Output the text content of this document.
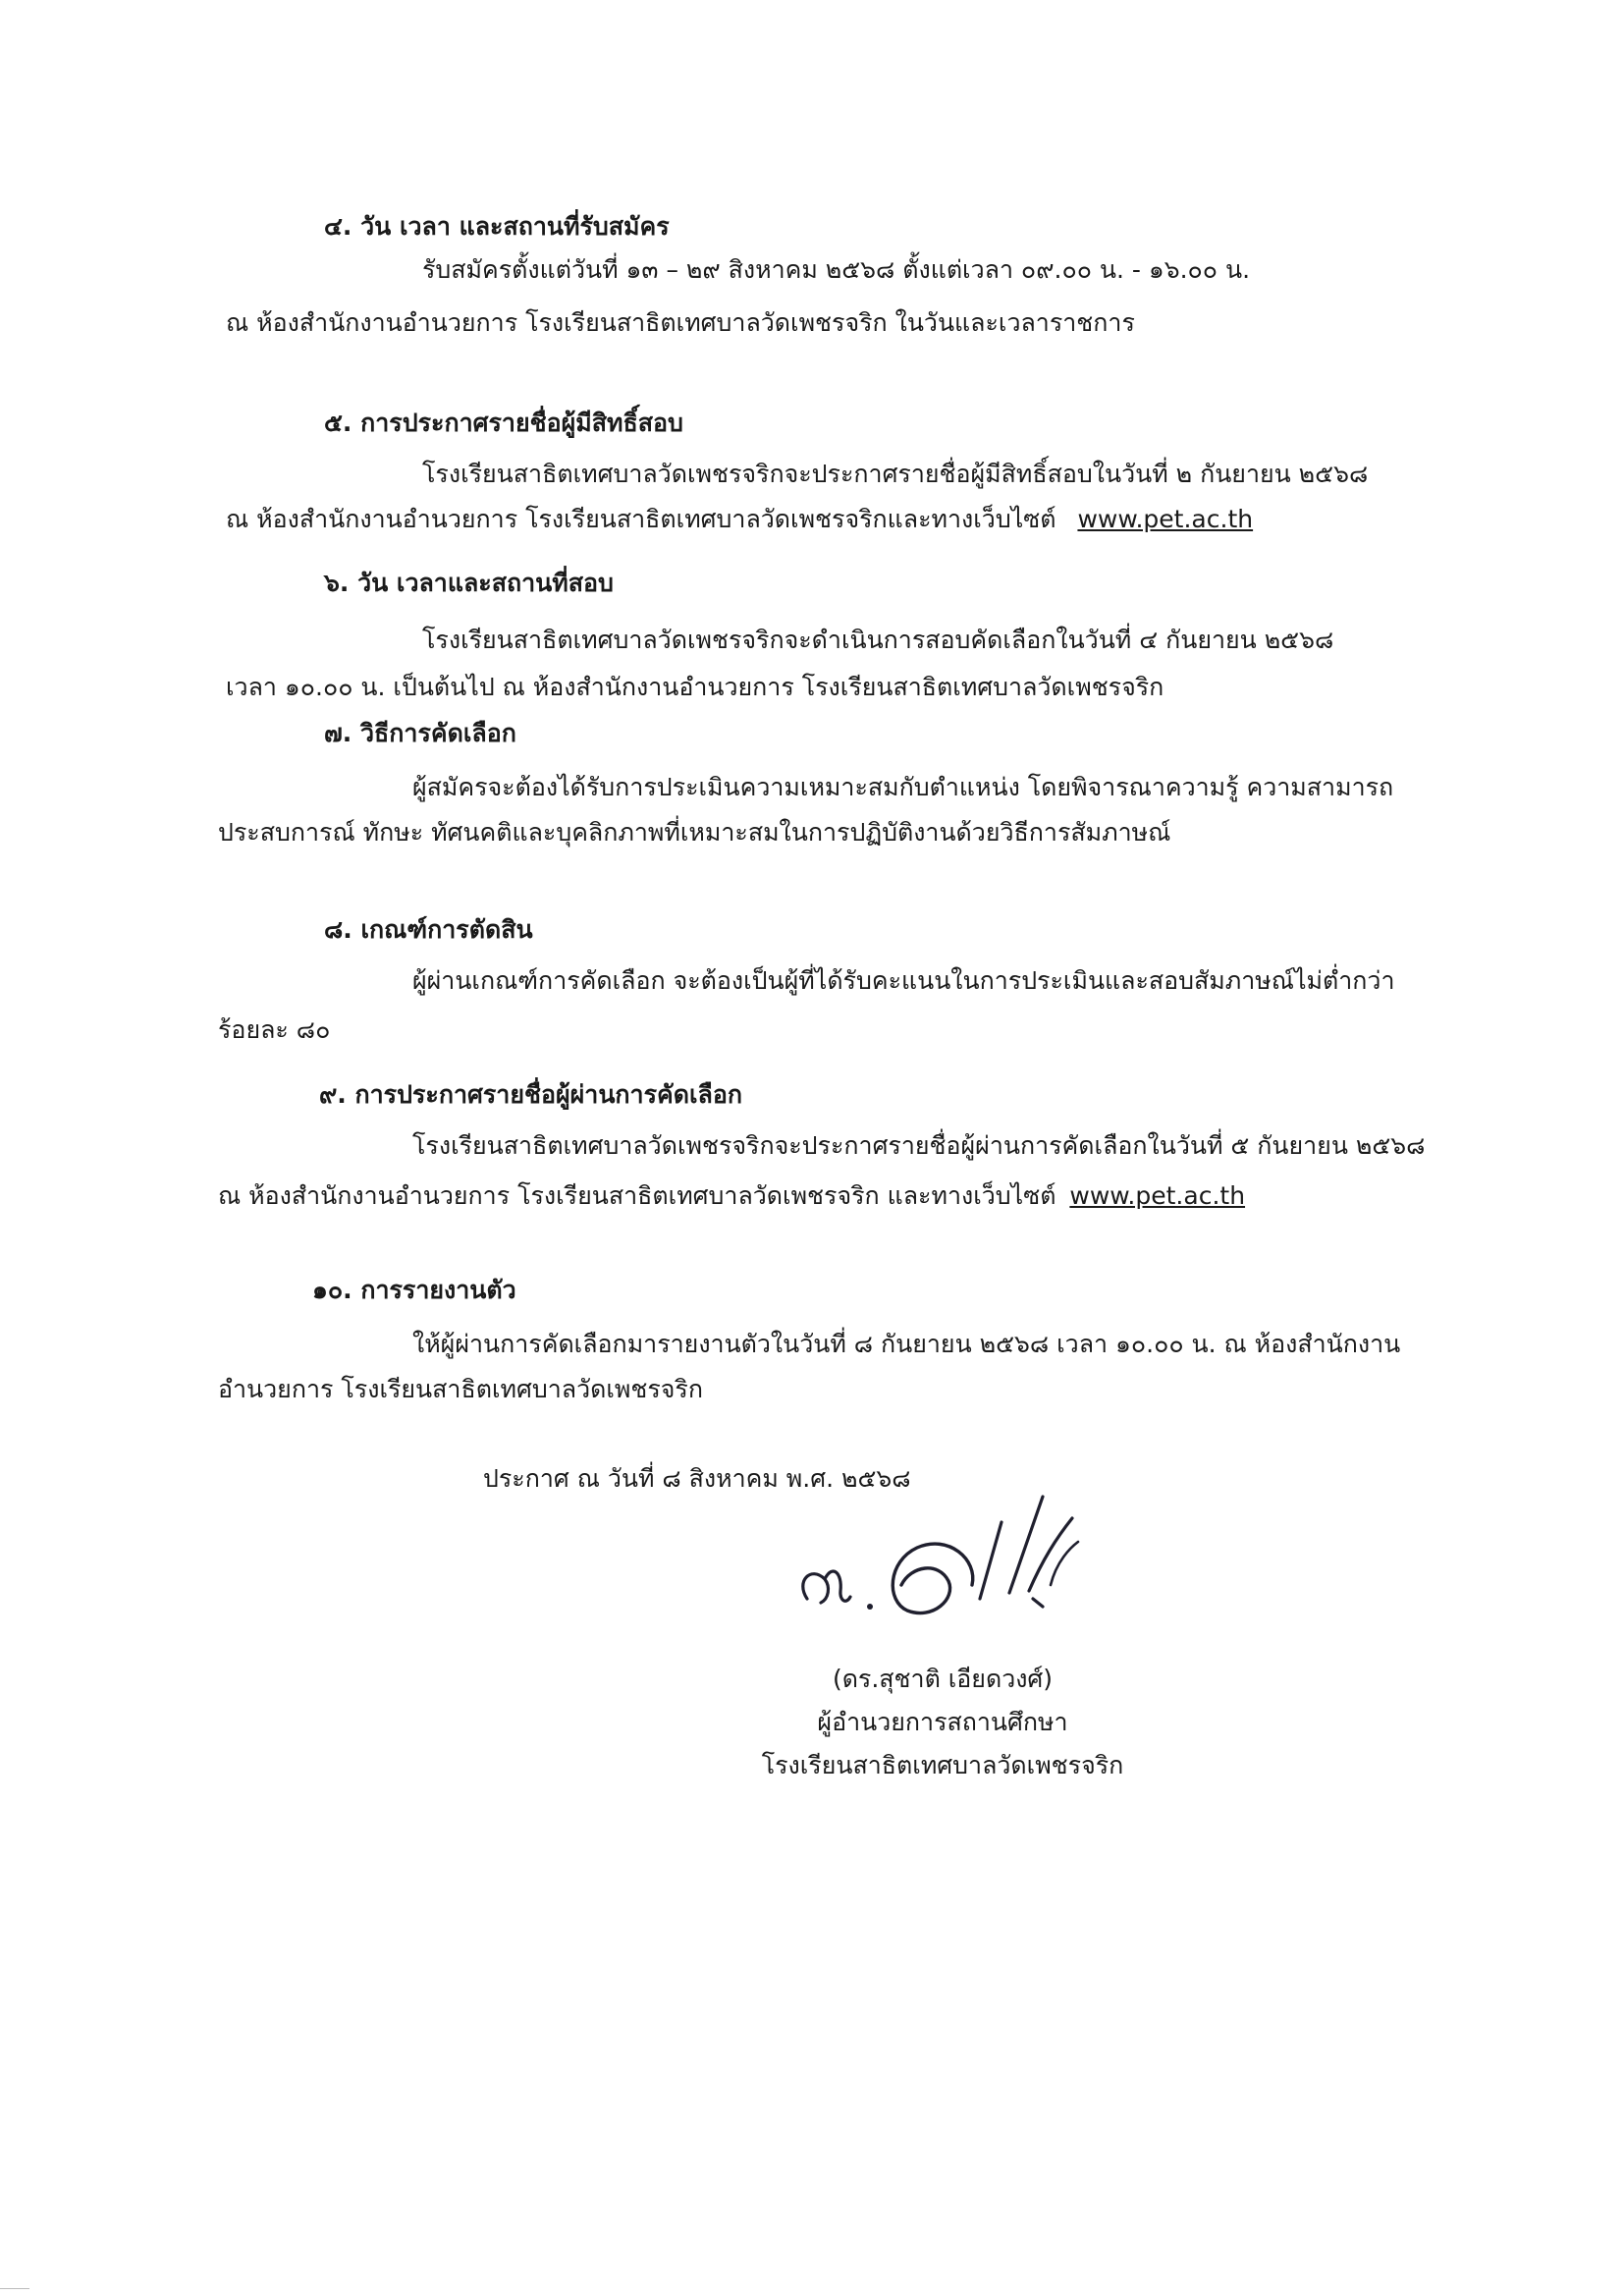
๔. วัน เวลา และสถานที่รับสมัคร
รับสมัครตั้งแต่วันที่ ๑๓ – ๒๙ สิงหาคม ๒๕๖๘ ตั้งแต่เวลา ๐๙.๐๐ น. - ๑๖.๐๐ น.
ณ ห้องสำนักงานอำนวยการ โรงเรียนสาธิตเทศบาลวัดเพชรจริก ในวันและเวลาราชการ
๕. การประกาศรายชื่อผู้มีสิทธิ์สอบ
โรงเรียนสาธิตเทศบาลวัดเพชรจริกจะประกาศรายชื่อผู้มีสิทธิ์สอบในวันที่ ๒ กันยายน ๒๕๖๘
ณ ห้องสำนักงานอำนวยการ โรงเรียนสาธิตเทศบาลวัดเพชรจริกและทางเว็บไซต์ www.pet.ac.th
๖. วัน เวลาและสถานที่สอบ
โรงเรียนสาธิตเทศบาลวัดเพชรจริกจะดำเนินการสอบคัดเลือกในวันที่ ๔ กันยายน ๒๕๖๘
เวลา ๑๐.๐๐ น. เป็นต้นไป ณ ห้องสำนักงานอำนวยการ โรงเรียนสาธิตเทศบาลวัดเพชรจริก
๗. วิธีการคัดเลือก
ผู้สมัครจะต้องได้รับการประเมินความเหมาะสมกับตำแหน่ง โดยพิจารณาความรู้ ความสามารถ
ประสบการณ์ ทักษะ ทัศนคติและบุคลิกภาพที่เหมาะสมในการปฏิบัติงานด้วยวิธีการสัมภาษณ์
๘. เกณฑ์การตัดสิน
ผู้ผ่านเกณฑ์การคัดเลือก จะต้องเป็นผู้ที่ได้รับคะแนนในการประเมินและสอบสัมภาษณ์ไม่ต่ำกว่า
ร้อยละ ๘๐
๙. การประกาศรายชื่อผู้ผ่านการคัดเลือก
โรงเรียนสาธิตเทศบาลวัดเพชรจริกจะประกาศรายชื่อผู้ผ่านการคัดเลือกในวันที่ ๕ กันยายน ๒๕๖๘
ณ ห้องสำนักงานอำนวยการ โรงเรียนสาธิตเทศบาลวัดเพชรจริก และทางเว็บไซต์ www.pet.ac.th
๑๐. การรายงานตัว
ให้ผู้ผ่านการคัดเลือกมารายงานตัวในวันที่ ๘ กันยายน ๒๕๖๘ เวลา ๑๐.๐๐ น. ณ ห้องสำนักงาน
อำนวยการ โรงเรียนสาธิตเทศบาลวัดเพชรจริก
ประกาศ ณ วันที่ ๘ สิงหาคม พ.ศ. ๒๕๖๘
(ดร.สุชาติ เอียดวงศ์)
ผู้อำนวยการสถานศึกษา
โรงเรียนสาธิตเทศบาลวัดเพชรจริก
